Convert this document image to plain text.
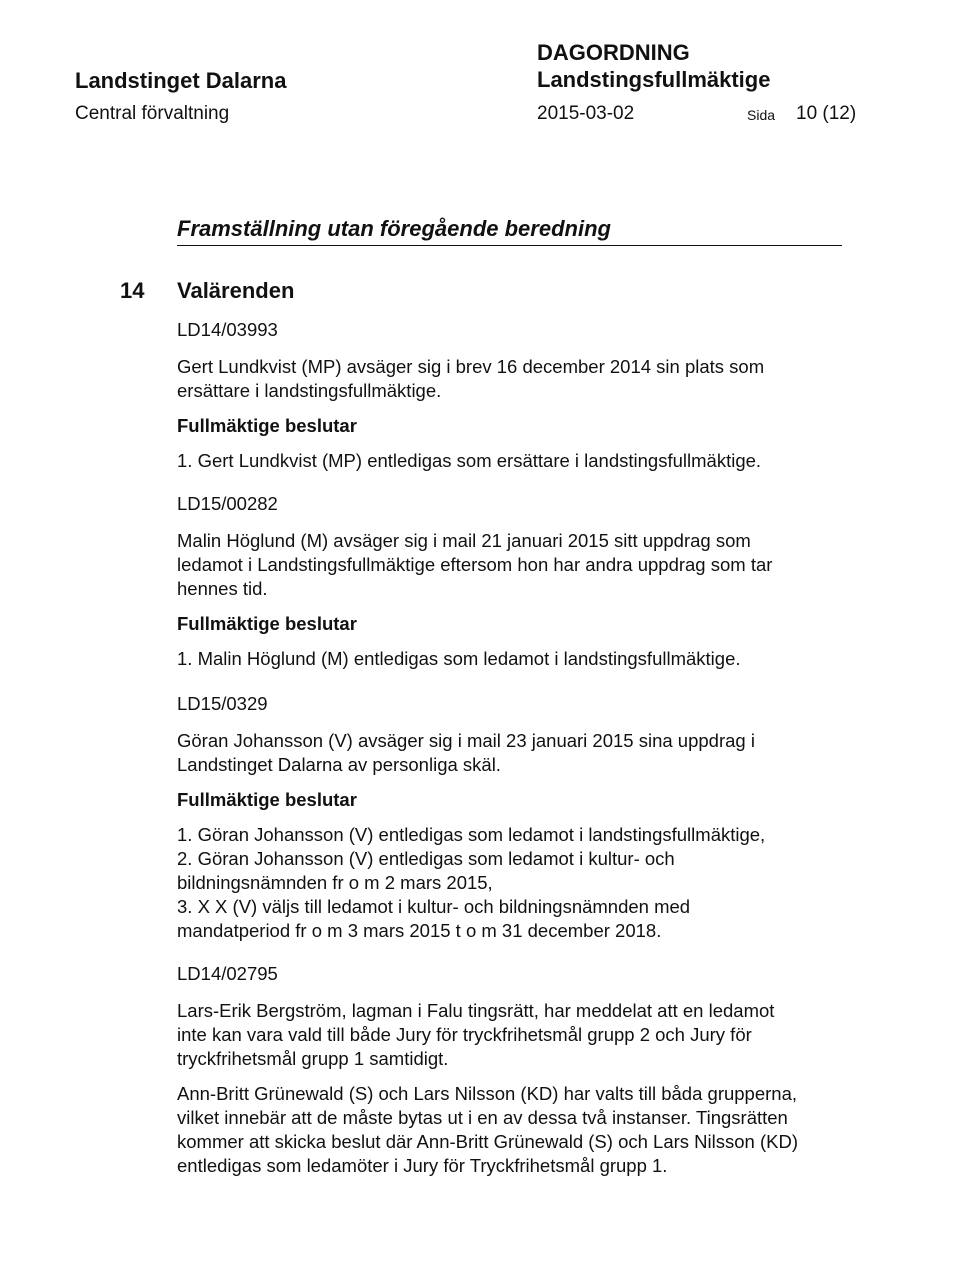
Landstinget Dalarna
Central förvaltning
DAGORDNING
Landstingsfullmäktige
2015-03-02	Sida 10 (12)
Framställning utan föregående beredning
14 Valärenden

LD14/03993

Gert Lundkvist (MP) avsäger sig i brev 16 december 2014 sin plats som

ersättare i landstingsfullmäktige.

Fullmäktige beslutar

1. Gert Lundkvist (MP) entledigas som ersättare i landstingsfullmäktige.

LD15/00282

Malin Höglund (M) avsäger sig i mail 21 januari 2015 sitt uppdrag som

ledamot i Landstingsfullmäktige eftersom hon har andra uppdrag som tar

hennes tid.

Fullmäktige beslutar

1. Malin Höglund (M) entledigas som ledamot i landstingsfullmäktige.

LD15/0329

Göran Johansson (V) avsäger sig i mail 23 januari 2015 sina uppdrag i

Landstinget Dalarna av personliga skäl.

Fullmäktige beslutar

1. Göran Johansson (V) entledigas som ledamot i landstingsfullmäktige,

2. Göran Johansson (V) entledigas som ledamot i kultur- och

bildningsnämnden fr o m 2 mars 2015,

3. X X (V) väljs till ledamot i kultur- och bildningsnämnden med

mandatperiod fr o m 3 mars 2015 t o m 31 december 2018.

LD14/02795

Lars-Erik Bergström, lagman i Falu tingsrätt, har meddelat att en ledamot

inte kan vara vald till både Jury för tryckfrihetsmål grupp 2 och Jury för

tryckfrihetsmål grupp 1 samtidigt.

Ann-Britt Grünewald (S) och Lars Nilsson (KD) har valts till båda grupperna,

vilket innebär att de måste bytas ut i en av dessa två instanser. Tingsrätten

kommer att skicka beslut där Ann-Britt Grünewald (S) och Lars Nilsson (KD)

entledigas som ledamöter i Jury för Tryckfrihetsmål grupp 1.
